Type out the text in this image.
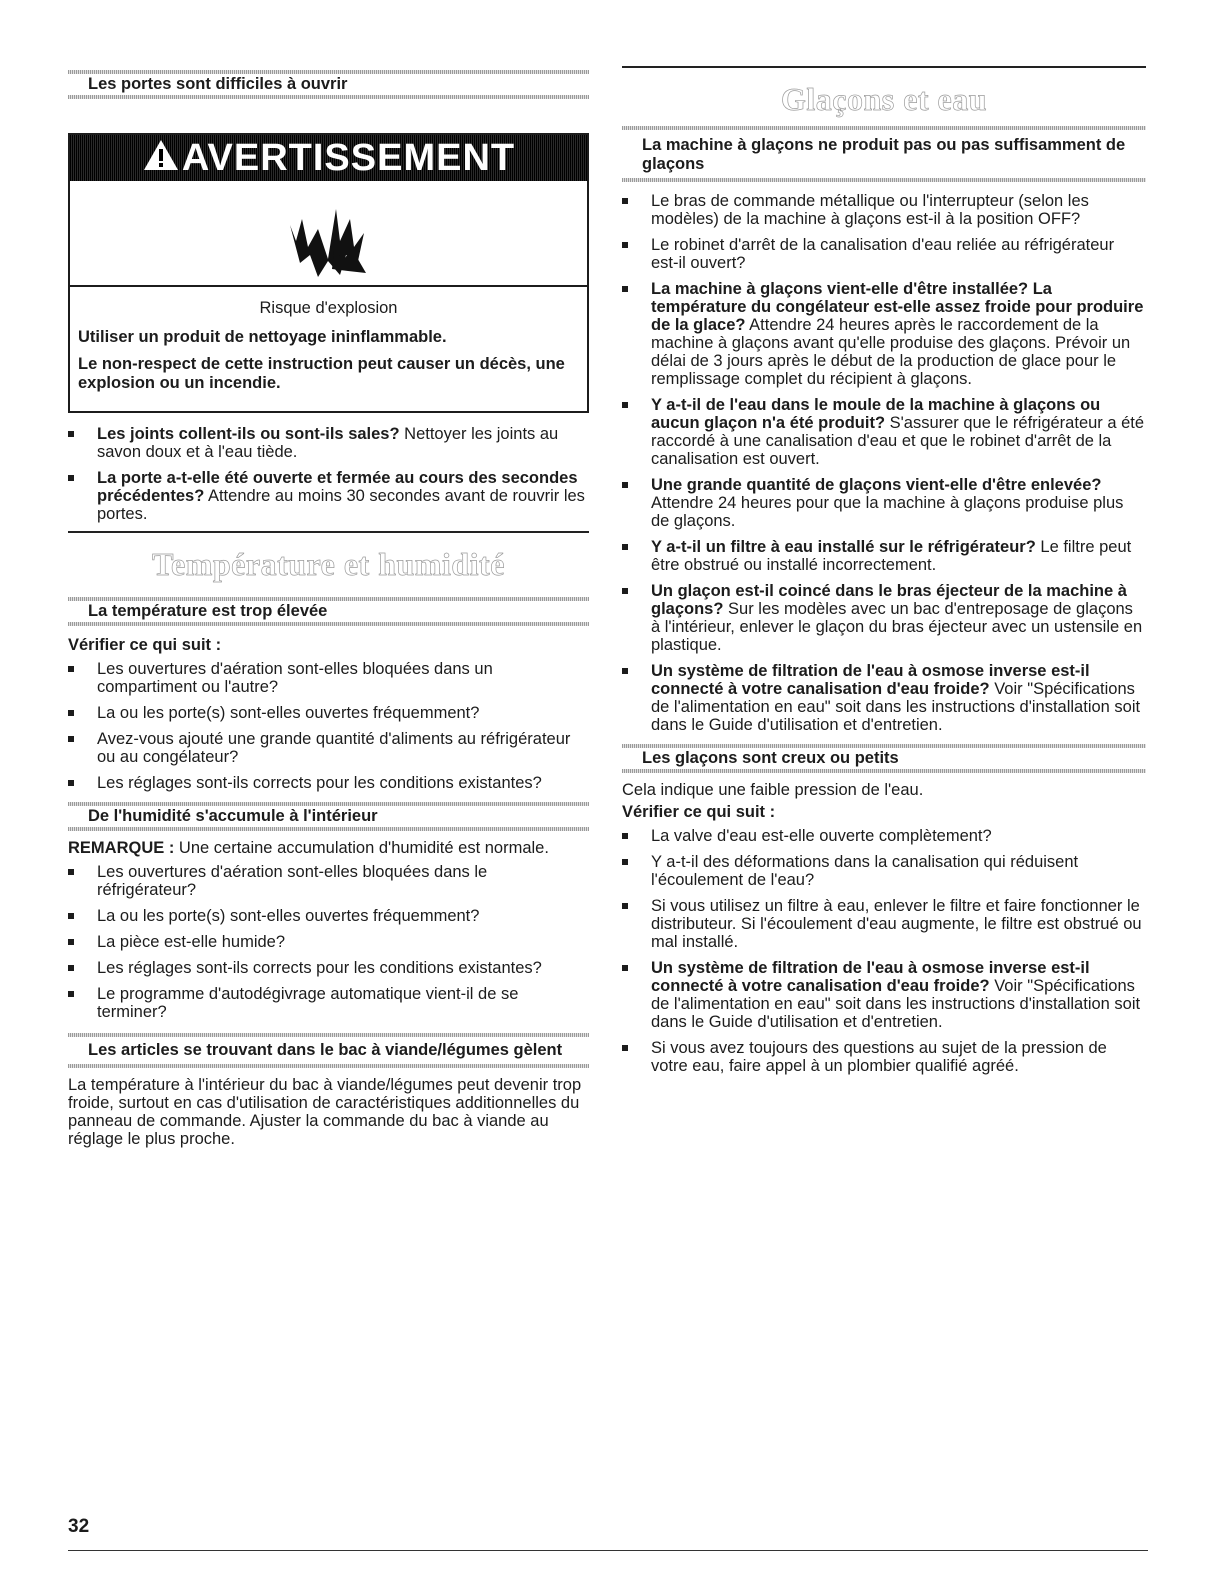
Les portes sont difficiles à ouvrir
AVERTISSEMENT

Risque d'explosion

Utiliser un produit de nettoyage ininflammable.

Le non-respect de cette instruction peut causer un décès, une explosion ou un incendie.

Les joints collent-ils ou sont-ils sales? Nettoyer les joints au savon doux et à l'eau tiède.
La porte a-t-elle été ouverte et fermée au cours des secondes précédentes? Attendre au moins 30 secondes avant de rouvrir les portes.
Température et humidité
La température est trop élevée

Vérifier ce qui suit :

Les ouvertures d'aération sont-elles bloquées dans un compartiment ou l'autre?
La ou les porte(s) sont-elles ouvertes fréquemment?
Avez-vous ajouté une grande quantité d'aliments au réfrigérateur ou au congélateur?
Les réglages sont-ils corrects pour les conditions existantes?
De l'humidité s'accumule à l'intérieur

REMARQUE : Une certaine accumulation d'humidité est normale.

Les ouvertures d'aération sont-elles bloquées dans le réfrigérateur?
La ou les porte(s) sont-elles ouvertes fréquemment?
La pièce est-elle humide?
Les réglages sont-ils corrects pour les conditions existantes?
Le programme d'autodégivrage automatique vient-il de se terminer?
Les articles se trouvant dans le bac à viande/légumes gèlent

La température à l'intérieur du bac à viande/légumes peut devenir trop froide, surtout en cas d'utilisation de caractéristiques additionnelles du panneau de commande. Ajuster la commande du bac à viande au réglage le plus proche.

Glaçons et eau
La machine à glaçons ne produit pas ou pas suffisamment de glaçons
Le bras de commande métallique ou l'interrupteur (selon les modèles) de la machine à glaçons est-il à la position OFF?
Le robinet d'arrêt de la canalisation d'eau reliée au réfrigérateur est-il ouvert?
La machine à glaçons vient-elle d'être installée? La température du congélateur est-elle assez froide pour produire de la glace? Attendre 24 heures après le raccordement de la machine à glaçons avant qu'elle produise des glaçons. Prévoir un délai de 3 jours après le début de la production de glace pour le remplissage complet du récipient à glaçons.
Y a-t-il de l'eau dans le moule de la machine à glaçons ou aucun glaçon n'a été produit? S'assurer que le réfrigérateur a été raccordé à une canalisation d'eau et que le robinet d'arrêt de la canalisation est ouvert.
Une grande quantité de glaçons vient-elle d'être enlevée? Attendre 24 heures pour que la machine à glaçons produise plus de glaçons.
Y a-t-il un filtre à eau installé sur le réfrigérateur? Le filtre peut être obstrué ou installé incorrectement.
Un glaçon est-il coincé dans le bras éjecteur de la machine à glaçons? Sur les modèles avec un bac d'entreposage de glaçons à l'intérieur, enlever le glaçon du bras éjecteur avec un ustensile en plastique.
Un système de filtration de l'eau à osmose inverse est-il connecté à votre canalisation d'eau froide? Voir "Spécifications de l'alimentation en eau" soit dans les instructions d'installation soit dans le Guide d'utilisation et d'entretien.
Les glaçons sont creux ou petits

Cela indique une faible pression de l'eau.

Vérifier ce qui suit :

La valve d'eau est-elle ouverte complètement?
Y a-t-il des déformations dans la canalisation qui réduisent l'écoulement de l'eau?
Si vous utilisez un filtre à eau, enlever le filtre et faire fonctionner le distributeur. Si l'écoulement d'eau augmente, le filtre est obstrué ou mal installé.
Un système de filtration de l'eau à osmose inverse est-il connecté à votre canalisation d'eau froide? Voir "Spécifications de l'alimentation en eau" soit dans les instructions d'installation soit dans le Guide d'utilisation et d'entretien.
Si vous avez toujours des questions au sujet de la pression de votre eau, faire appel à un plombier qualifié agréé.
32
